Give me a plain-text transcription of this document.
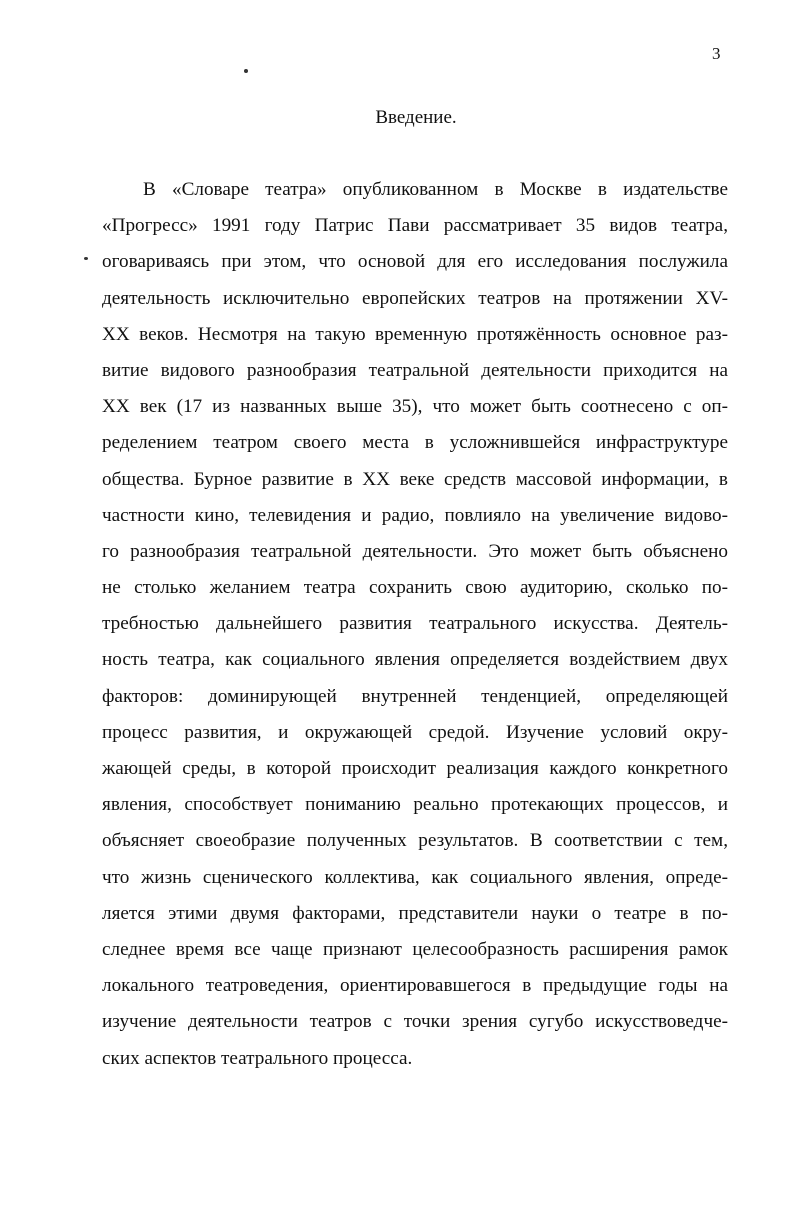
3
Введение.
В «Словаре театра» опубликованном в Москве в издательстве
«Прогресс» 1991 году Патрис Пави рассматривает 35 видов театра,
оговариваясь при этом, что основой для его исследования послужила
деятельность исключительно европейских театров на протяжении XV-
XX веков. Несмотря на такую временную протяжённость основное раз-
витие видового разнообразия театральной деятельности приходится на
XX век (17 из названных выше 35), что может быть соотнесено с оп-
ределением театром своего места в усложнившейся инфраструктуре
общества. Бурное развитие в XX веке средств массовой информации, в
частности кино, телевидения и радио, повлияло на увеличение видово-
го разнообразия театральной деятельности. Это может быть объяснено
не столько желанием театра сохранить свою аудиторию, сколько по-
требностью дальнейшего развития театрального искусства. Деятель-
ность театра, как социального явления определяется воздействием двух
факторов: доминирующей внутренней тенденцией, определяющей
процесс развития, и окружающей средой. Изучение условий окру-
жающей среды, в которой происходит реализация каждого конкретного
явления, способствует пониманию реально протекающих процессов, и
объясняет своеобразие полученных результатов. В соответствии с тем,
что жизнь сценического коллектива, как социального явления, опреде-
ляется этими двумя факторами, представители науки о театре в по-
следнее время все чаще признают целесообразность расширения рамок
локального театроведения, ориентировавшегося в предыдущие годы на
изучение деятельности театров с точки зрения сугубо искусствоведче-
ских аспектов театрального процесса.
